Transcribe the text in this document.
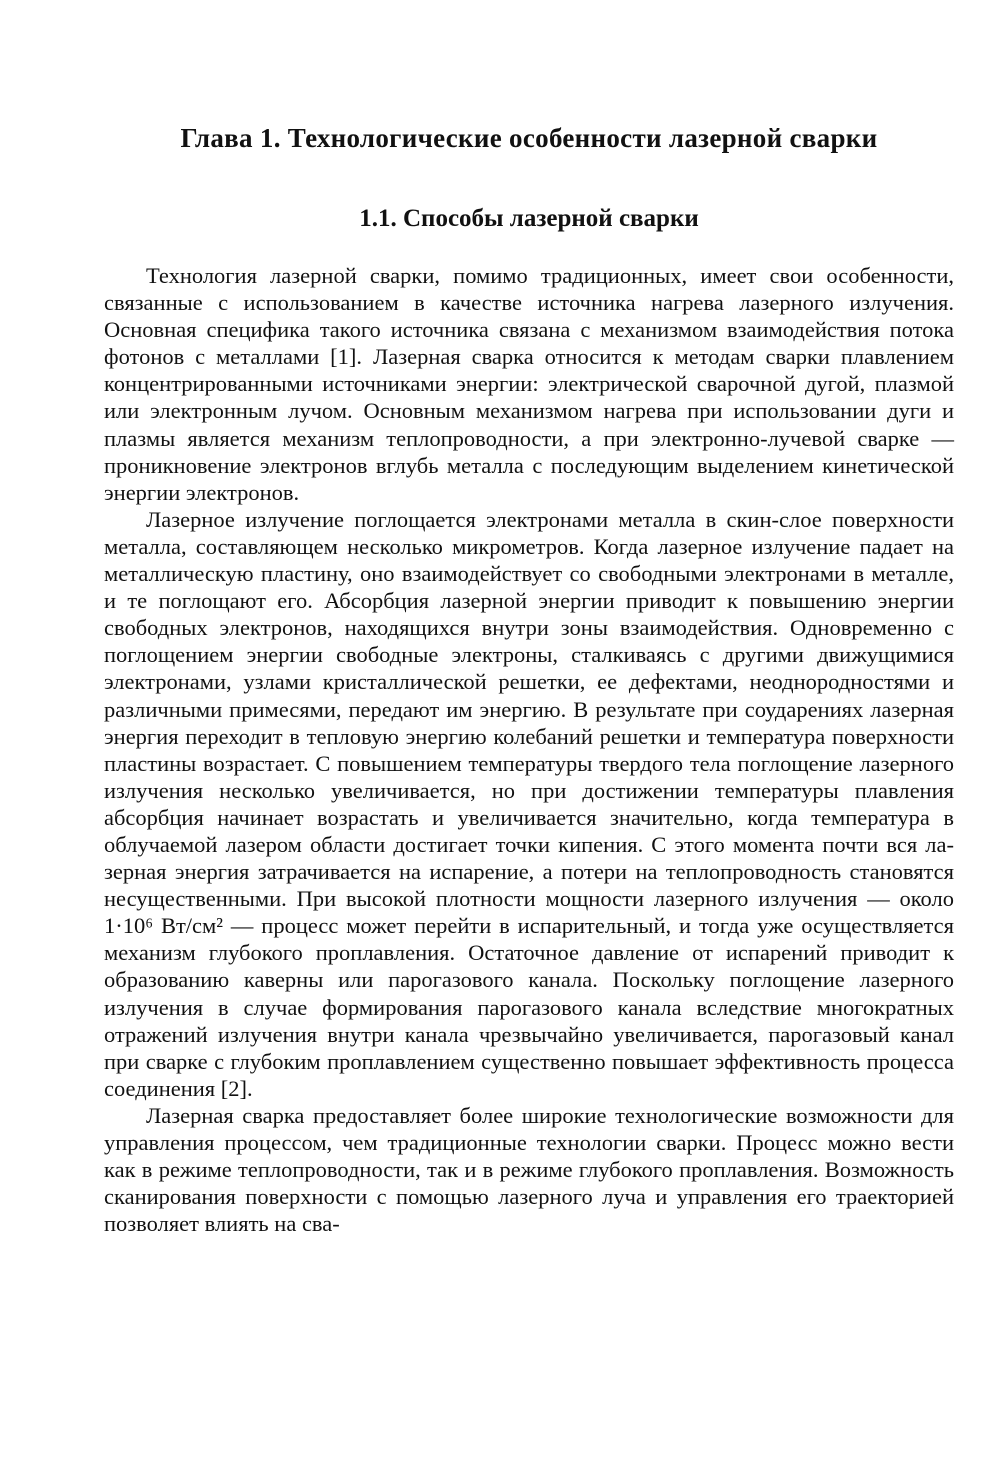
Глава 1. Технологические особенности лазерной сварки
1.1. Способы лазерной сварки

Технология лазерной сварки, помимо традиционных, имеет свои особенности, связанные с использованием в качестве источника нагрева лазерного излучения. Основная специфика такого источника связана с механизмом взаимодействия потока фотонов с металлами [1]. Лазерная сварка относится к методам сварки плавлением концентрированными источниками энергии: электрической сварочной дугой, плазмой или электронным лучом. Основным механизмом нагрева при использовании дуги и плазмы является механизм теплопроводности, а при электронно-лучевой сварке — проникновение электронов вглубь металла с последующим выделением кинетической энергии электронов.

Лазерное излучение поглощается электронами металла в скин-слое поверхности металла, составляющем несколько микрометров. Когда лазерное излучение падает на металлическую пластину, оно взаимодействует со свободными электронами в металле, и те поглощают его. Абсорбция лазерной энергии приводит к повышению энергии свободных электронов, находящихся внутри зоны взаимодействия. Одновременно с поглощением энергии свободные электроны, сталкиваясь с другими движущимися электронами, узлами кристаллической решетки, ее дефектами, неоднородностями и различными примесями, передают им энергию. В результате при соударениях лазерная энергия переходит в тепловую энергию колебаний решетки и температура поверхности пластины возрастает. С повышением температуры твердого тела поглощение лазерного излучения несколько увеличивается, но при достижении температуры плавления абсорбция начинает возрастать и увеличивается значительно, когда температура в облучаемой лазером области достигает точки кипения. С этого момента почти вся лазерная энергия затрачивается на испарение, а потери на теплопроводность становятся несущественными. При высокой плотности мощности лазерного излучения — около 1·10⁶ Вт/см² — процесс может перейти в испарительный, и тогда уже осуществляется механизм глубокого проплавления. Остаточное давление от испарений приводит к образованию каверны или парогазового канала. Поскольку поглощение лазерного излучения в случае формирования парогазового канала вследствие многократных отражений излучения внутри канала чрезвычайно увеличивается, парогазовый канал при сварке с глубоким проплавлением существенно повышает эффективность процесса соединения [2].

Лазерная сварка предоставляет более широкие технологические возможности для управления процессом, чем традиционные технологии сварки. Процесс можно вести как в режиме теплопроводности, так и в режиме глубокого проплавления. Возможность сканирования поверхности с помощью лазерного луча и управления его траекторией позволяет влиять на сва-
